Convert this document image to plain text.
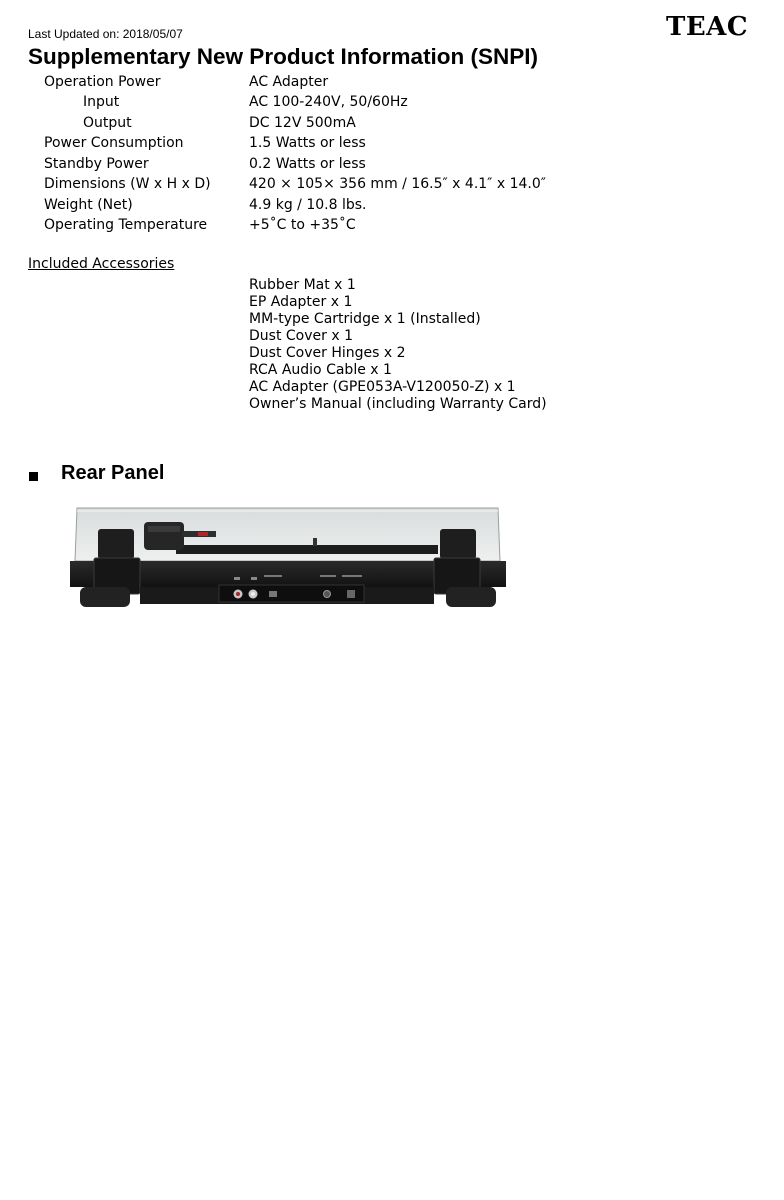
Last Updated on: 2018/05/07	TEAC
Supplementary New Product Information (SNPI)
Operation Power	AC Adapter
Input	AC 100-240V, 50/60Hz
Output	DC 12V 500mA
Power Consumption	1.5 Watts or less
Standby Power	0.2 Watts or less
Dimensions (W x H x D)	420 × 105× 356 mm / 16.5″ x 4.1″ x 14.0″
Weight (Net)	4.9 kg / 10.8 lbs.
Operating Temperature	+5˚C to +35˚C
Included Accessories
Rubber Mat x 1
EP Adapter x 1
MM-type Cartridge x 1 (Installed)
Dust Cover x 1
Dust Cover Hinges x 2
RCA Audio Cable x 1
AC Adapter (GPE053A-V120050-Z) x 1
Owner’s Manual (including Warranty Card)
Rear Panel
